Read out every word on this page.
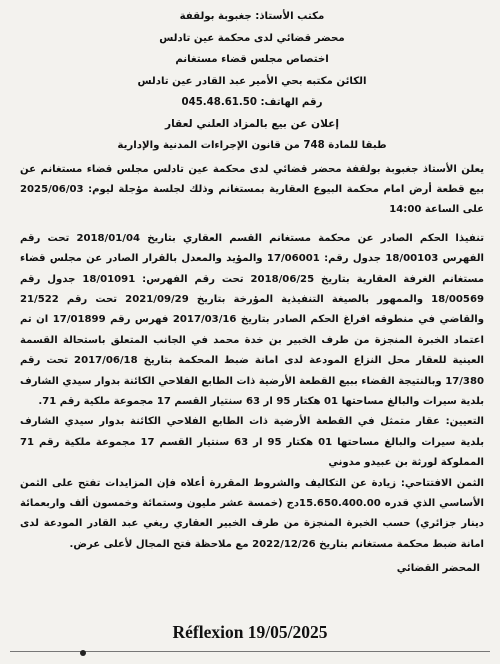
مكتب الأستاذ: جغبوبة بولقفة
محضر قضائي لدى محكمة عين تادلس
اختصاص مجلس قضاء مستغانم
الكائن مكتبه بحي الأمير عبد القادر عين تادلس
رقم الهاتف: 045.48.61.50
إعلان عن بيع بالمزاد العلني لعقار
طبقا للمادة 748 من قانون الإجراءات المدنية والإدارية

يعلن الأستاذ جغبوبة بولقفة محضر قضائي لدى محكمة عين تادلس مجلس قضاء مستغانم عن بيع قطعة أرض امام محكمة البيوع العقارية بمستغانم وذلك لجلسة مؤجلة ليوم: 2025/06/03 على الساعة 14:00

تنفيذا الحكم الصادر عن محكمة مستغانم القسم العقاري بتاريخ 2018/01/04 تحت رقم الفهرس 18/00103 جدول رقم: 17/06001 والمؤيد والمعدل بالقرار الصادر عن مجلس قضاء مستغانم الغرفة العقارية بتاريخ 2018/06/25 تحت رقم الفهرس: 18/01091 جدول رقم 18/00569 والممهور بالصيغة التنفيذية المؤرخة بتاريخ 2021/09/29 تحت رقم 21/522 والقاضي في منطوقه افراغ الحكم الصادر بتاريخ 2017/03/16 فهرس رقم 17/01899 ان تم اعتماد الخبرة المنجزة من طرف الخبير بن خدة محمد في الجانب المتعلق باستحالة القسمة العينية للعقار محل النزاع المودعة لدى امانة ضبط المحكمة بتاريخ 2017/06/18 تحت رقم 17/380 وبالنتيجة القضاء ببيع القطعة الأرضية ذات الطابع الفلاحي الكائنة بدوار سيدي الشارف بلدية سيرات والبالغ مساحتها 01 هكتار 95 ار 63 سنتيار القسم 17 مجموعة ملكية رقم 71.

التعيين: عقار متمثل في القطعة الأرضية ذات الطابع الفلاحي الكائنة بدوار سيدي الشارف بلدية سيرات والبالغ مساحتها 01 هكتار 95 ار 63 سنتيار القسم 17 مجموعة ملكية رقم 71 المملوكة لورثة بن عبيدو مدوني

الثمن الافتتاحي: زيادة عن التكاليف والشروط المقررة أعلاه فإن المزايدات تفتح على الثمن الأساسي الذي قدره 15.650.400.00دج (خمسة عشر مليون وستمائة وخمسون ألف واربعمائة دينار جزائري) حسب الخبرة المنجزة من طرف الخبير العقاري ريغي عبد القادر المودعة لدى امانة ضبط محكمة مستغانم بتاريخ 2022/12/26 مع ملاحظة فتح المجال لأعلى عرض.

المحضر القضائي
Réflexion 19/05/2025
